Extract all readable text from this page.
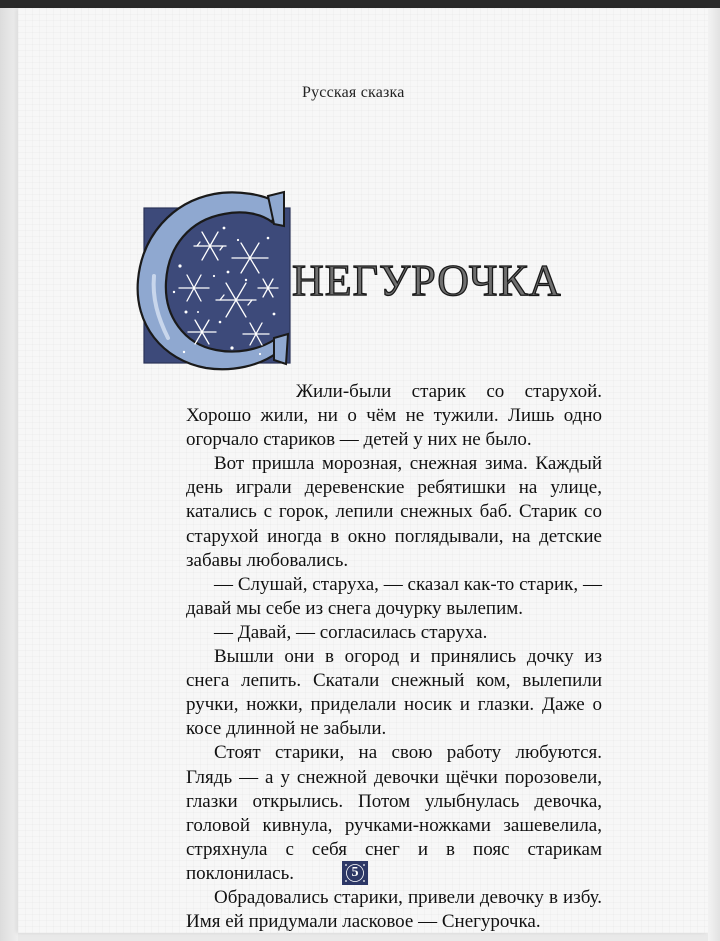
Русская сказка
НЕГУРОЧКА

Жили-были старик со старухой. Хорошо жили, ни о чём не тужили. Лишь одно огорчало стариков — детей у них не было.

Вот пришла морозная, снежная зима. Каждый день играли деревенские ребятишки на улице, катались с горок, лепили снежных баб. Старик со старухой иногда в окно поглядывали, на детские забавы любовались.

— Слушай, старуха, — сказал как-то старик, — давай мы себе из снега дочурку вылепим.

— Давай, — согласилась старуха.

Вышли они в огород и принялись дочку из снега лепить. Скатали снежный ком, вылепили ручки, ножки, приделали носик и глазки. Даже о косе длинной не забыли.

Стоят старики, на свою работу любуются. Глядь — а у снежной девочки щёчки порозовели, глазки открылись. Потом улыбнулась девочка, головой кивнула, ручками-ножками зашевелила, стряхнула с себя снег и в пояс старикам поклонилась.

Обрадовались старики, привели девочку в избу. Имя ей придумали ласковое — Снегурочка.

5
